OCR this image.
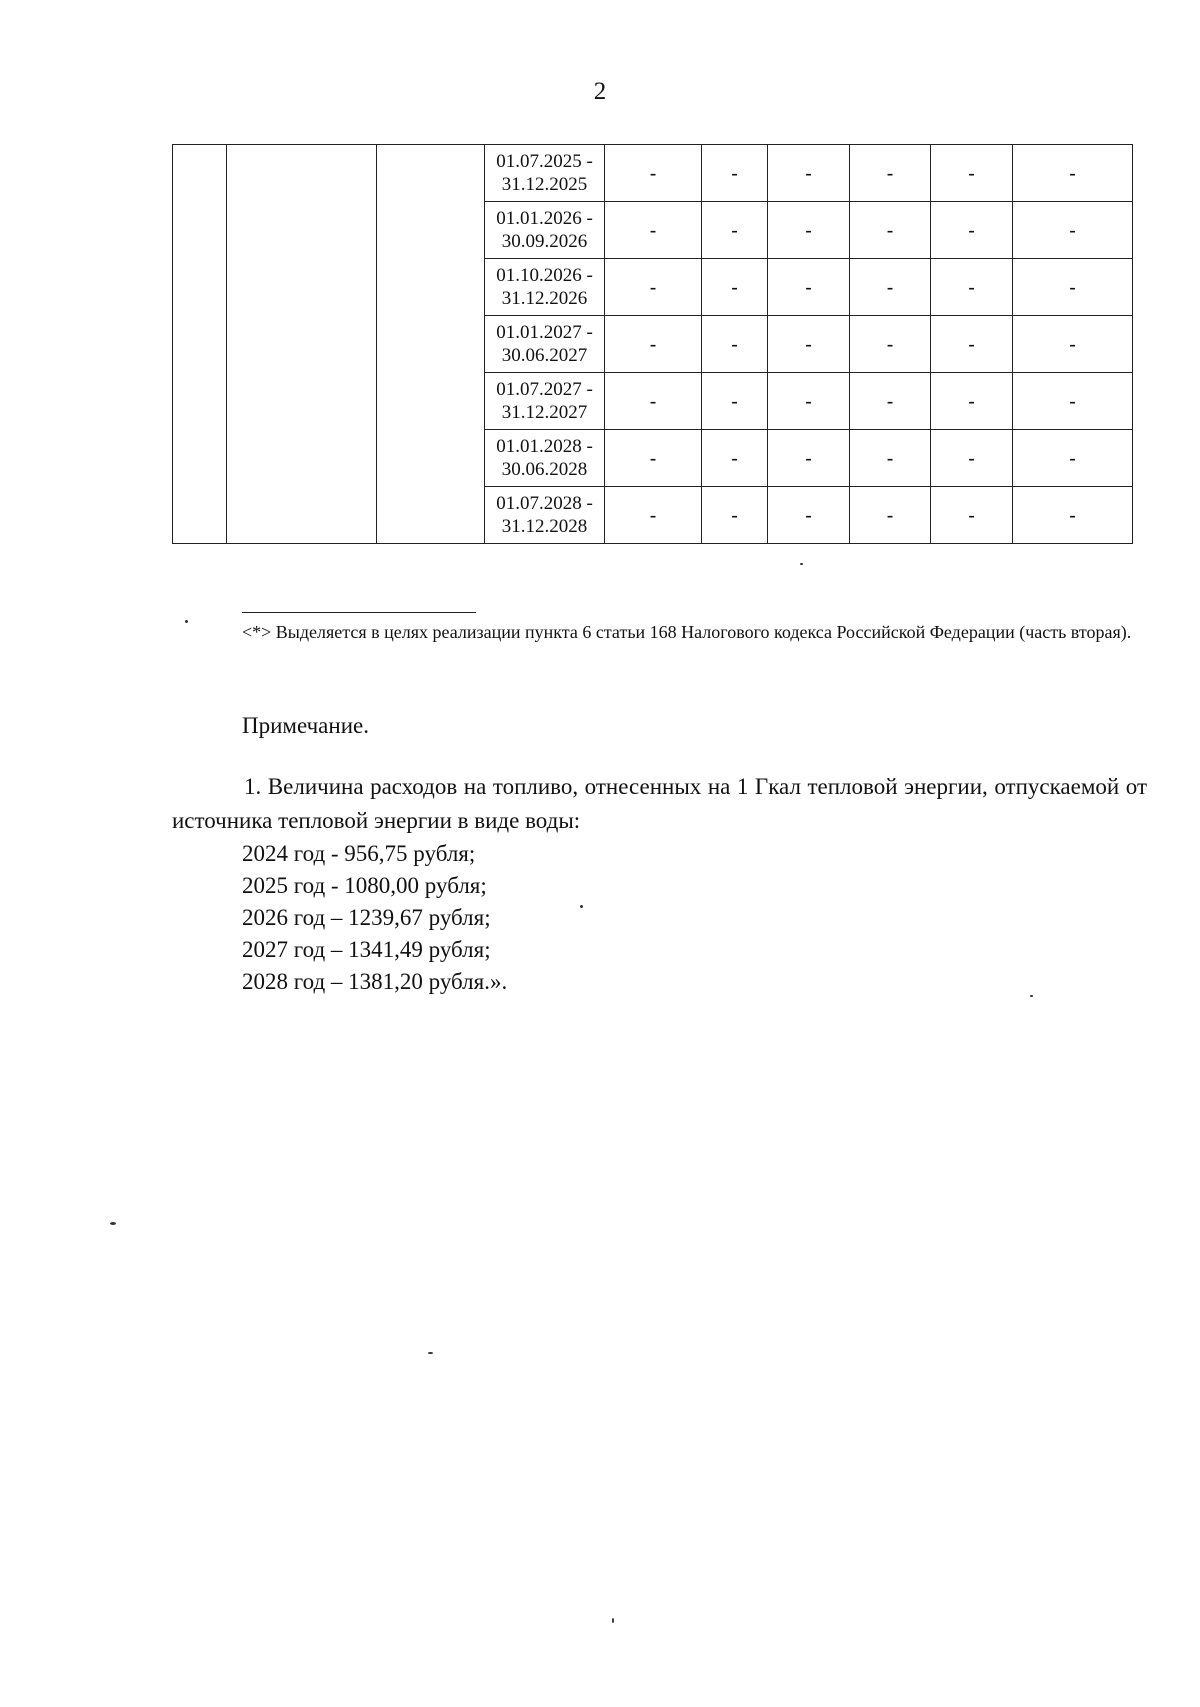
2
			01.07.2025 - 31.12.2025	-	-	-	-	-	-
			01.01.2026 - 30.09.2026	-	-	-	-	-	-
			01.10.2026 - 31.12.2026	-	-	-	-	-	-
			01.01.2027 - 30.06.2027	-	-	-	-	-	-
			01.07.2027 - 31.12.2027	-	-	-	-	-	-
			01.01.2028 - 30.06.2028	-	-	-	-	-	-
			01.07.2028 - 31.12.2028	-	-	-	-	-	-
<*> Выделяется в целях реализации пункта 6 статьи 168 Налогового кодекса Российской Федерации (часть вторая).
Примечание.
1. Величина расходов на топливо, отнесенных на 1 Гкал тепловой энергии, отпускаемой от источника тепловой энергии в виде воды:
2024 год - 956,75 рубля;
2025 год - 1080,00 рубля;
2026 год – 1239,67 рубля;
2027 год – 1341,49 рубля;
2028 год – 1381,20 рубля.».
